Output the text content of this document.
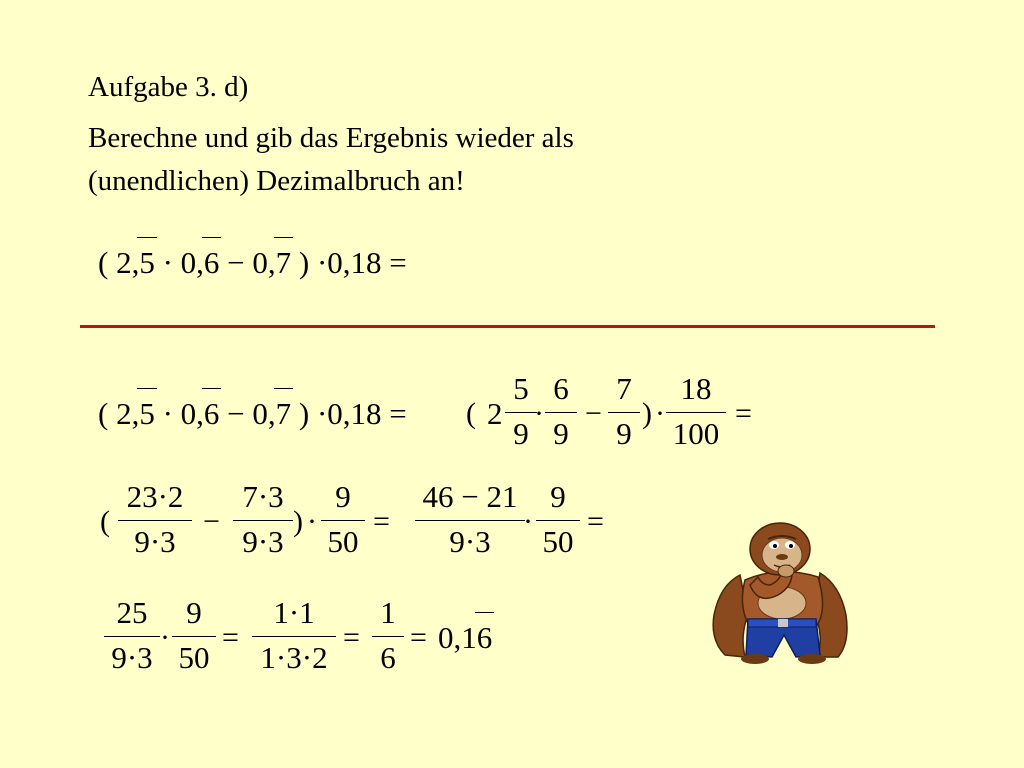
Aufgabe 3. d)
Berechne und gib das Ergebnis wieder als
(unendlichen) Dezimalbruch an!
( 2,5 · 0,6 − 0,7 ) ·0,18 =
( 2,5 · 0,6 − 0,7 ) ·0,18 = ( 2
5
9
·
6
9
−
7
9
) ·
18
100
=
(
23·2
9·3
−
7·3
9·3
) ·
9
50
=
46 − 21
9·3
·
9
50
=
25
9·3
·
9
50
=
1·1
1·3·2
=
1
6
= 0,16
